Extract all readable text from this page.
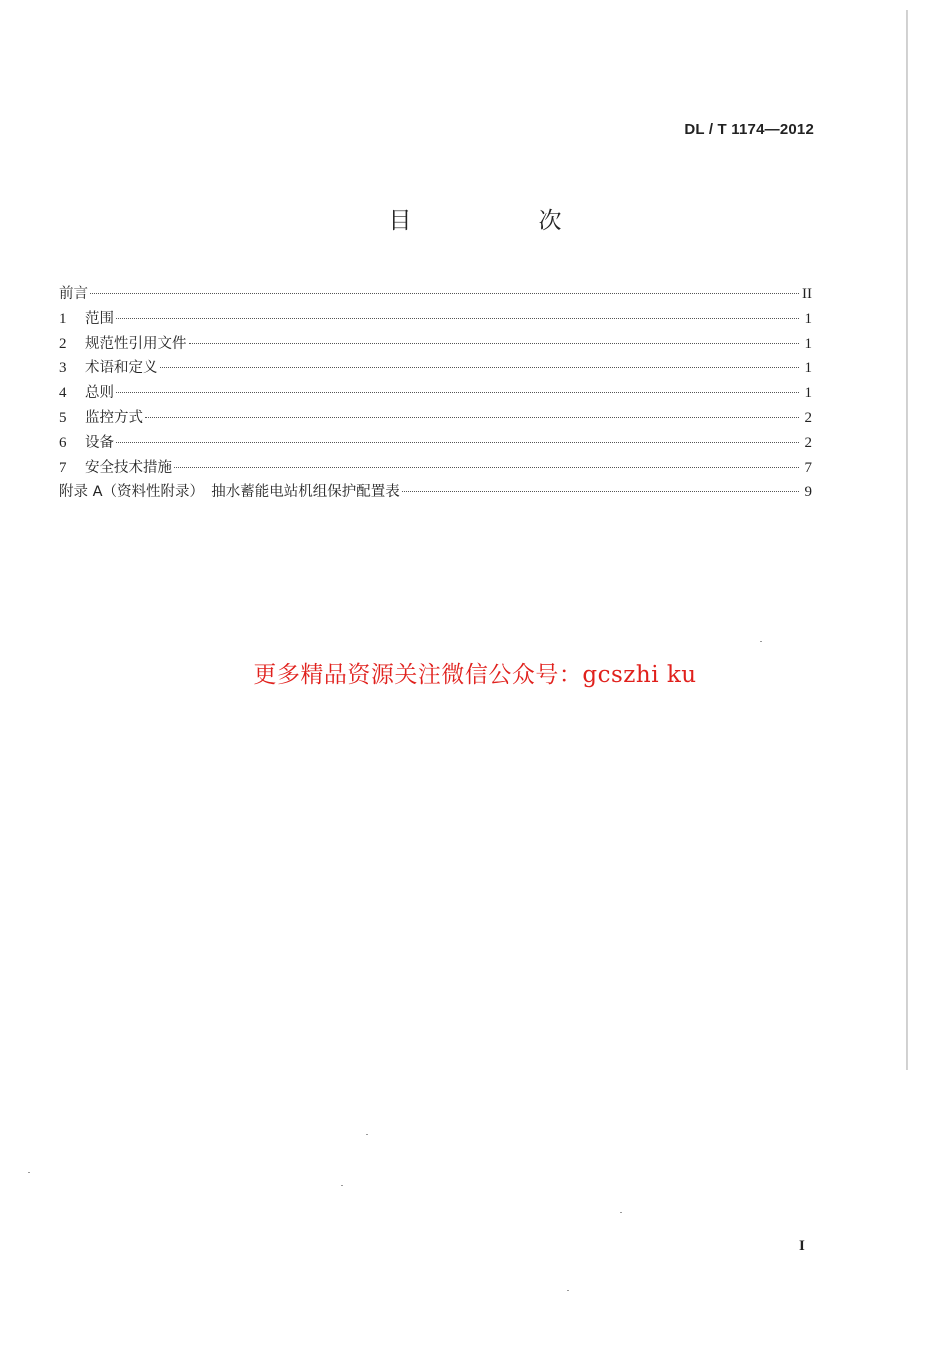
DL / T 1174—2012
目　次
前言	II
1	范围	1
2	规范性引用文件	1
3	术语和定义	1
4	总则	1
5	监控方式	2
6	设备	2
7	安全技术措施	7
附录 A（资料性附录）　抽水蓄能电站机组保护配置表	9
更多精品资源关注微信公众号：gcszhi ku
I
